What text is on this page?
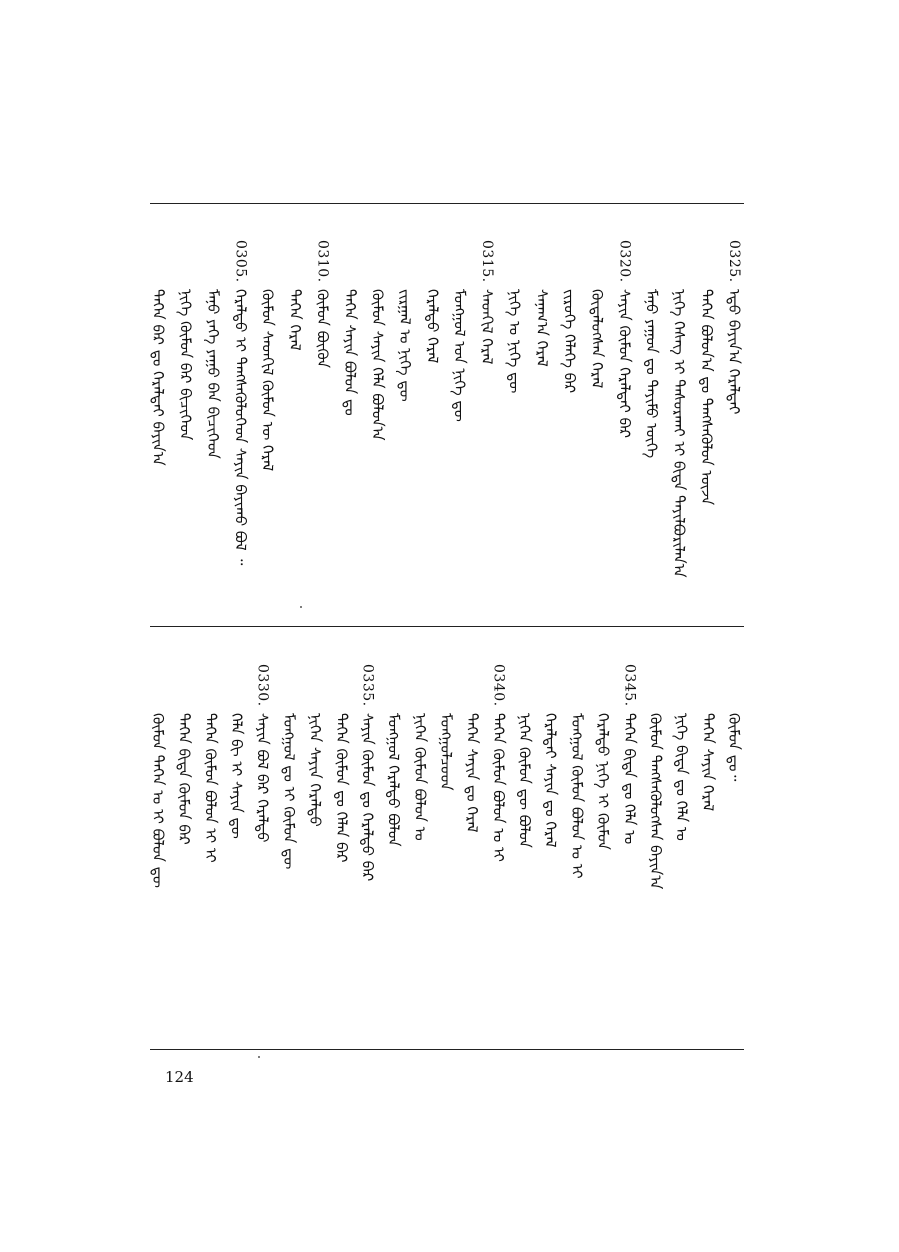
0325.
ᠡᠳᠦ ᠪᠠᠶᠢᠨ᠎ᠠ ᠭᠡᠷᠡᠯᠲᠡᠢ
ᠲᠡᠭᠡᠨ ᠪᠣᠯᠤᠨ᠎ᠠ ᠳᠤ ᠲᠡᠩᠰᠡᠭᠦᠯᠦᠨ ᠦᠵᠡ
ᠨᠢᠭᠡ ᠬᠡᠰᠡᠭ ᠢ ᠲᠠᠰᠤᠷᠬᠠᠢ ᠢ ᠪᠢᠳᠡ ᠲᠠᠶᠢᠯᠪᠤᠷᠢᠯᠠᠨ᠎ᠠ
ᠮᠠᠨᠤ ᠶᠠᠭᠤᠨ ᠳᠤ ᠲᠡᠶᠢᠮᠦ ᠦᠬᠡ
0320.
ᠰᠠᠶᠢᠨ ᠬᠦᠮᠦᠨ ᠭᠡᠷᠡᠯᠲᠡᠢ ᠪᠡᠷ
ᠬᠦᠳᠡᠯᠦᠭᠰᠡᠨ ᠭᠡᠷᠡᠯ
ᠵᠢᠷᠦᠭᠡ ᠬᠡᠯᠡᠭᠡ ᠪᠠᠷ
ᠰᠠᠨᠠᠭ᠎ᠠ ᠭᠡᠷᠡᠯ
ᠨᠢᠭᠡ ᠤ ᠨᠢᠭᠡ ᠳᠦ
0315.
ᠰᠡᠳᠬᠢᠯ ᠭᠡᠷᠡᠯ
ᠮᠣᠩᠭ᠋ᠣᠯ ᠤᠨ ᠨᠢᠭᠡ ᠳᠦ
ᠭᠡᠷᠡᠯᠲᠦ ᠭᠡᠷᠡᠯ
ᠵᠢᠷᠭᠠᠯ ᠤ ᠨᠢᠭᠡ ᠳᠦ
ᠬᠦᠮᠦᠨ ᠰᠠᠶᠢᠨ ᠬᠡᠯᠡ ᠪᠣᠯᠣᠨ᠎ᠠ
ᠲᠡᠭᠡᠨ ᠰᠠᠶᠢᠨ ᠪᠣᠯᠤᠨ ᠳᠤ
0310.
ᠬᠦᠮᠦᠨ ᠪᠦᠬᠦᠨ
ᠲᠡᠭᠡᠨ ᠭᠡᠷᠡᠯ
ᠬᠦᠮᠦᠨ ᠰᠡᠳᠬᠢᠯ ᠬᠦᠮᠦᠨ ᠦ ᠭᠡᠷᠡᠯ
0305.
ᠭᠡᠷᠡᠯᠲᠦ ᠢ ᠲᠡᠩᠰᠡᠭᠦᠯᠦᠭᠡᠳ ᠰᠠᠶᠢᠨ ᠪᠠᠶᠢᠬᠤ ᠪᠣᠯ ᠃
ᠮᠠᠨᠤ ᠶᠡᠬᠡ ᠶᠠᠭᠤ ᠪᠠᠨ ᠪᠢᠴᠢᠭᠡᠳ
ᠨᠢᠭᠡ ᠬᠦᠮᠦᠨ ᠪᠠᠷ ᠪᠢᠴᠢᠭᠡᠳ
ᠲᠡᠭᠡᠨ ᠪᠠᠷ ᠳᠤ ᠭᠡᠷᠡᠯᠲᠡᠢ ᠪᠠᠶᠢᠨ᠎ᠠ
ᠬᠦᠮᠦᠨ ᠳᠤ᠃
ᠲᠡᠭᠡᠨ ᠰᠠᠶᠢᠨ ᠭᠡᠷᠡᠯ
ᠨᠢᠭᠡ ᠪᠢᠳᠡ ᠳᠤ ᠬᠡᠯᠡ ᠤ
ᠬᠦᠮᠦᠨ ᠲᠡᠩᠰᠡᠭᠦᠯᠦᠭᠰᠡᠨ ᠪᠠᠶᠢᠨ᠎ᠠ
0345.
ᠲᠡᠭᠡᠨ ᠪᠢᠳᠡ ᠳᠤ ᠬᠡᠯᠡ ᠤ
ᠭᠡᠷᠡᠯᠲᠦ ᠨᠢᠭᠡ ᠢ ᠬᠦᠮᠦᠨ
ᠮᠣᠩᠭ᠋ᠣᠯ ᠬᠦᠮᠦᠨ ᠪᠣᠯᠣᠨ ᠤ ᠢ
ᠭᠡᠷᠡᠯᠲᠡᠢ ᠰᠠᠶᠢᠨ ᠳᠤ ᠭᠡᠷᠡᠯ
ᠨᠢᠭᠡᠨ ᠬᠦᠮᠦᠨ ᠳᠦ ᠪᠣᠯᠣᠨ
0340.
ᠲᠡᠭᠡᠨ ᠬᠦᠮᠦᠨ ᠪᠣᠯᠤᠨ ᠤ ᠢ
ᠲᠡᠭᠡᠨ ᠰᠠᠶᠢᠨ ᠳᠤ ᠭᠡᠷᠡᠯ
ᠮᠣᠩᠭ᠋ᠣᠯᠴᠤᠳ
ᠨᠢᠭᠡᠨ ᠬᠦᠮᠦᠨ ᠪᠣᠯᠣᠨ ᠤ
ᠮᠣᠩᠭ᠋ᠣᠯ ᠭᠡᠷᠡᠯᠲᠦ ᠪᠣᠯᠣᠨ
0335.
ᠰᠠᠶᠢᠨ ᠬᠦᠮᠦᠨ ᠳᠤ ᠭᠡᠷᠡᠯᠲᠦ ᠪᠡᠷ
ᠲᠡᠭᠡᠨ ᠬᠦᠮᠦᠨ ᠳᠤ ᠬᠡᠯᠡᠨ ᠪᠡᠷ
ᠨᠢᠭᠡᠨ ᠰᠠᠶᠢᠨ ᠭᠡᠷᠡᠯᠲᠦ
ᠮᠣᠩᠭ᠋ᠣᠯ ᠳᠤ ᠢ ᠬᠦᠮᠦᠨ ᠳᠦ
0330.
ᠰᠠᠶᠢᠨ ᠪᠣᠯ ᠪᠠᠷ ᠭᠡᠷᠡᠯᠲᠦ
ᠬᠡᠯᠡ ᠪᠢ ᠢ ᠰᠠᠶᠢᠨ ᠳᠦ
ᠲᠡᠭᠡᠨ ᠬᠦᠮᠦᠨ ᠪᠣᠯᠤᠨ ᠢ ᠢ
ᠲᠡᠭᠡᠨ ᠪᠢᠳᠡ ᠬᠦᠮᠦᠨ ᠪᠡᠷ
ᠬᠦᠮᠦᠨ ᠲᠡᠭᠡᠨ ᠤ ᠢ ᠪᠣᠯᠣᠨ ᠳᠦ
124
